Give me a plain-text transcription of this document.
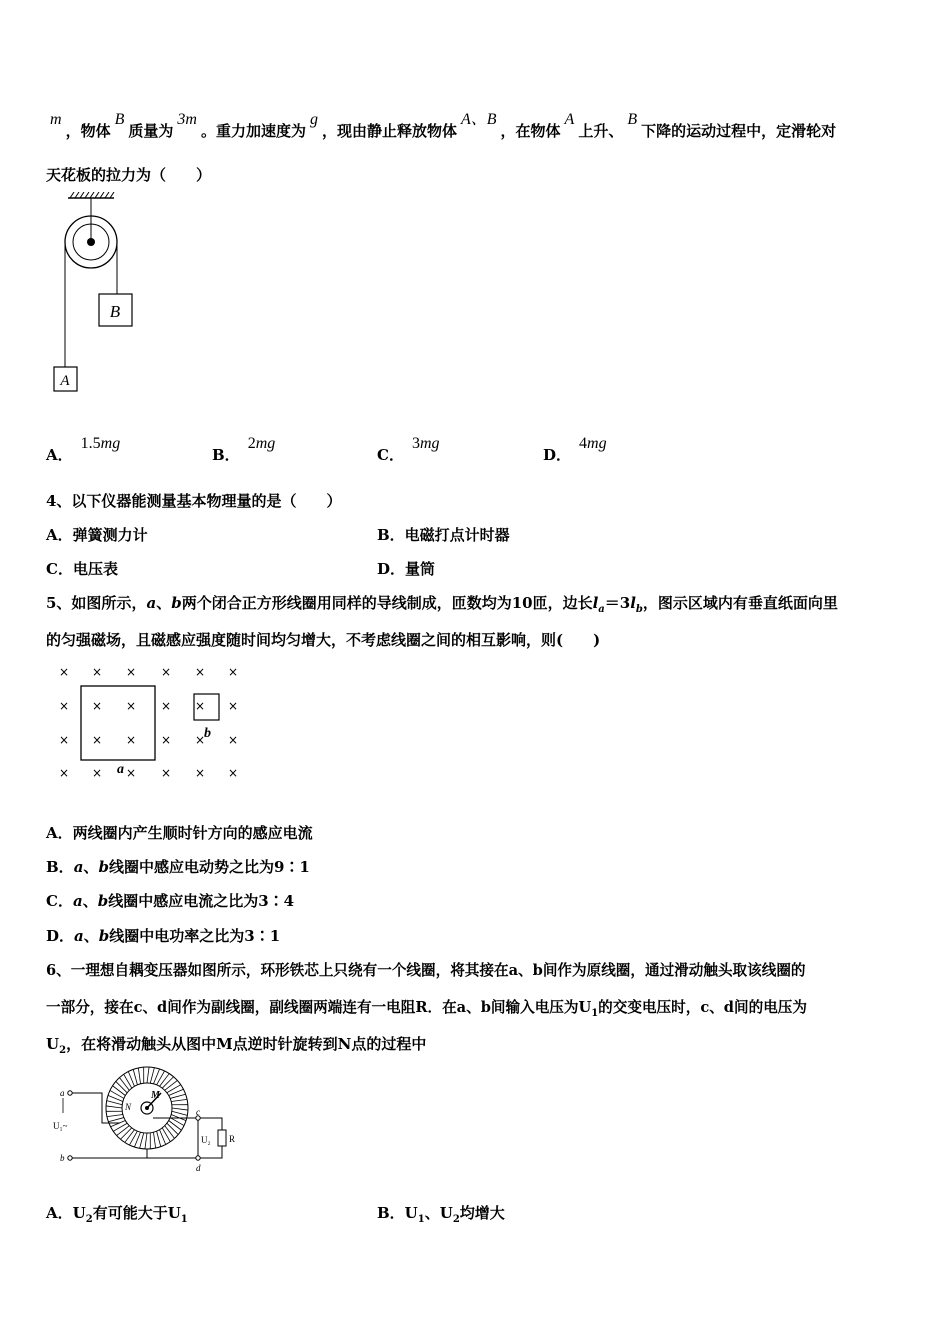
m，物体B质量为3m。重力加速度为g，现由静止释放物体A、B，在物体A上升、B下降的运动过程中，定滑轮对
天花板的拉力为（　　）
B
A
A．1.5mg
B．2mg
C．3mg
D．4mg
4、以下仪器能测量基本物理量的是（　　）
A．弹簧测力计	B．电磁打点计时器
C．电压表	D．量筒
5、如图所示，a、b两个闭合正方形线圈用同样的导线制成，匝数均为10匝，边长$l_a=3l_b$，图示区域内有垂直纸面向里
的匀强磁场，且磁感应强度随时间均匀增大，不考虑线圈之间的相互影响，则(　　)
× × × × × ×
× × × × × ×
× × × × × ×
× × × × × ×
a
b
A．两线圈内产生顺时针方向的感应电流
B．a、b线圈中感应电动势之比为9∶1
C．a、b线圈中感应电流之比为3∶4
D．a、b线圈中电功率之比为3∶1
6、一理想自耦变压器如图所示，环形铁芯上只绕有一个线圈，将其接在a、b间作为原线圈，通过滑动触头取该线圈的
一部分，接在c、d间作为副线圈，副线圈两端连有一电阻R．在a、b间输入电压为$U_1$的交变电压时，c、d间的电压为
$U_2$，在将滑动触头从图中M点逆时针旋转到N点的过程中
M
N
a
b
c
d
U₁~
U₂ R
A．$U_2$有可能大于$U_1$	B．$U_1$、$U_2$均增大
